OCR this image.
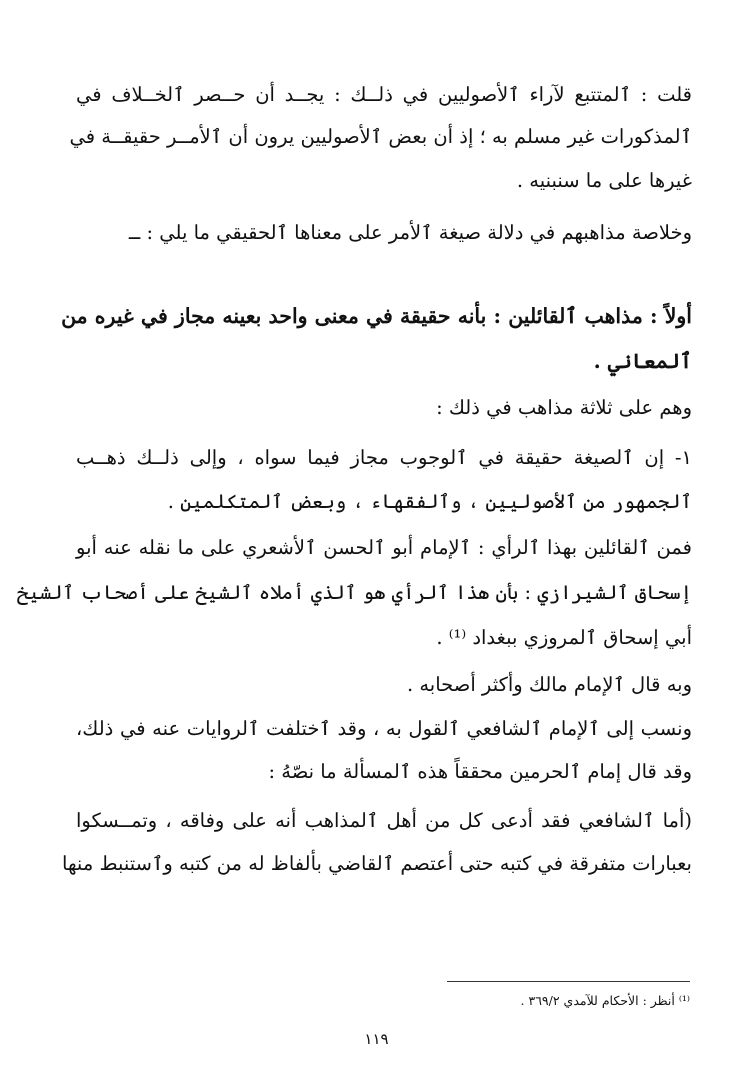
قلت : ٱلمتتبع لآراء ٱلأصوليين في ذلــك : يجــد أن حــصر ٱلخــلاف في
ٱلمذكورات غير مسلم به ؛ إذ أن بعض ٱلأصوليين يرون أن ٱلأمــر حقيقــة في
غيرها على ما سنبنيه .
وخلاصة مذاهبهم في دلالة صيغة ٱلأمر على معناها ٱلحقيقي ما يلي : ــ
أولاً : مذاهب ٱلقائلين : بأنه حقيقة في معنى واحد بعينه مجاز في غيره من
ٱلمعاني .
وهم على ثلاثة مذاهب في ذلك :
١- إن ٱلصيغة حقيقة في ٱلوجوب مجاز فيما سواه ، وإلى ذلــك ذهــب
ٱلجمهور من ٱلأصوليين ، وٱلفقهاء ، وبعض ٱلمتكلمين .
فمن ٱلقائلين بهذا ٱلرأي : ٱلإمام أبو ٱلحسن ٱلأشعري على ما نقله عنه أبو
إسحاق ٱلشيرازي : بأن هذا ٱلرأي هو ٱلذي أملاه ٱلشيخ على أصحاب ٱلشيخ
أبي إسحاق ٱلمروزي ببغداد ⁽¹⁾ .
وبه قال ٱلإمام مالك وأكثر أصحابه .
ونسب إلى ٱلإمام ٱلشافعي ٱلقول به ، وقد ٱختلفت ٱلروايات عنه في ذلك،
وقد قال إمام ٱلحرمين محققاً هذه ٱلمسألة ما نصّهُ :
(أما ٱلشافعي فقد أدعى كل من أهل ٱلمذاهب أنه على وفاقه ، وتمــسكوا
بعبارات متفرقة في كتبه حتى أعتصم ٱلقاضي بألفاظ له من كتبه وٱستنبط منها
⁽¹⁾ أنظر : الأحكام للآمدي ٣٦٩/٢ .
١١٩
